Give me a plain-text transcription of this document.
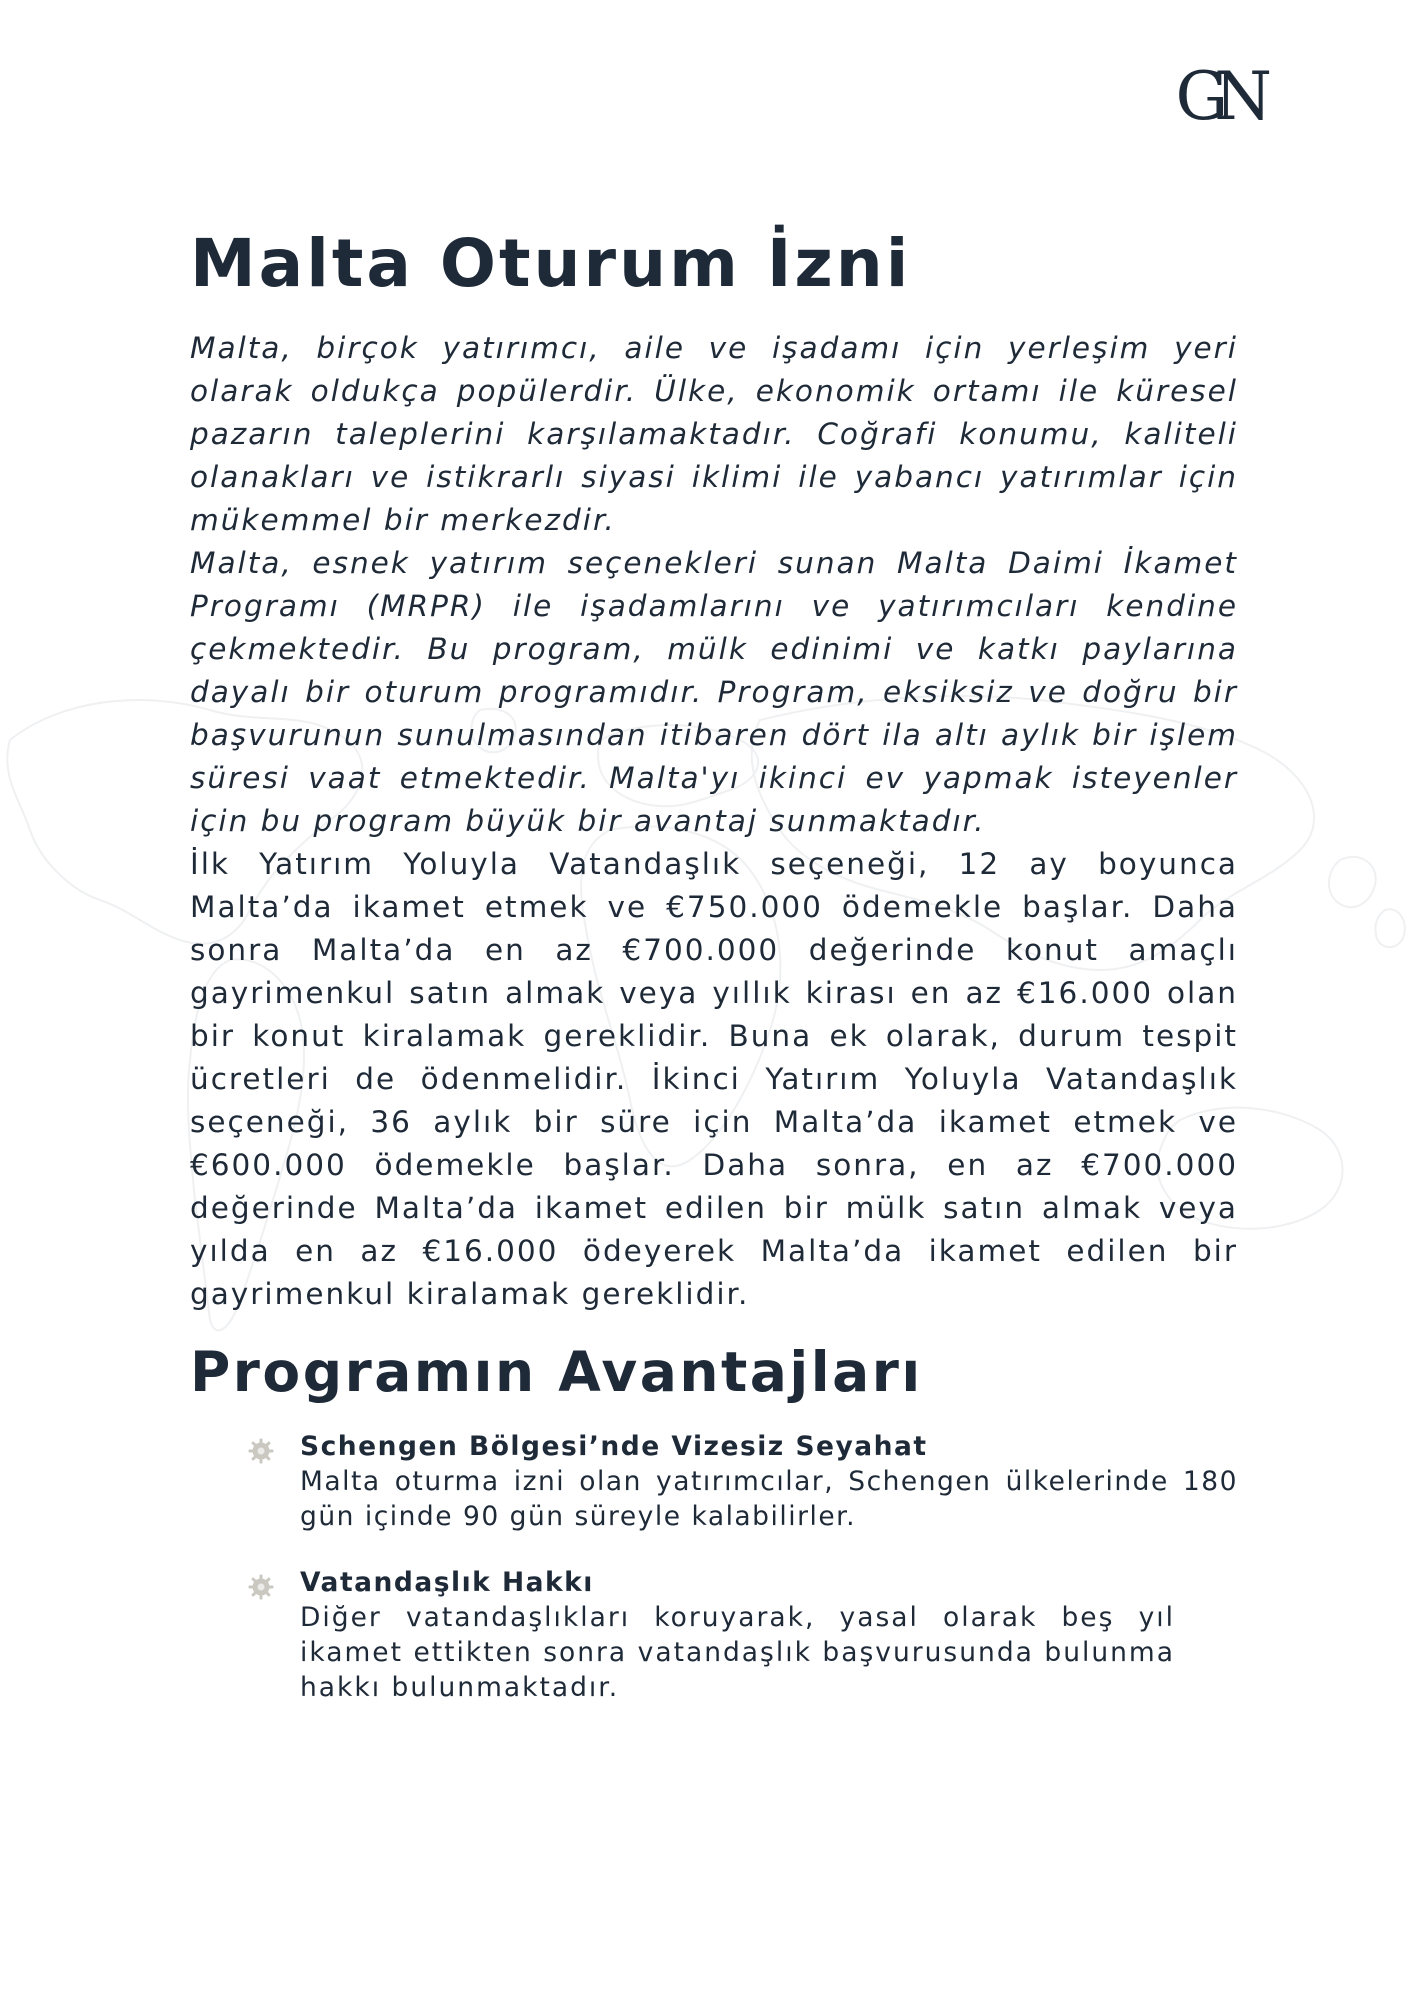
GN
Malta Oturum İzni

Malta, birçok yatırımcı, aile ve işadamı için yerleşim yeri olarak oldukça popülerdir. Ülke, ekonomik ortamı ile küresel pazarın taleplerini karşılamaktadır. Coğrafi konumu, kaliteli olanakları ve istikrarlı siyasi iklimi ile yabancı yatırımlar için mükemmel bir merkezdir.

Malta, esnek yatırım seçenekleri sunan Malta Daimi İkamet Programı (MRPR) ile işadamlarını ve yatırımcıları kendine çekmektedir. Bu program, mülk edinimi ve katkı paylarına dayalı bir oturum programıdır. Program, eksiksiz ve doğru bir başvurunun sunulmasından itibaren dört ila altı aylık bir işlem süresi vaat etmektedir. Malta'yı ikinci ev yapmak isteyenler için bu program büyük bir avantaj sunmaktadır.

İlk Yatırım Yoluyla Vatandaşlık seçeneği, 12 ay boyunca Malta’da ikamet etmek ve €750.000 ödemekle başlar. Daha sonra Malta’da en az €700.000 değerinde konut amaçlı gayrimenkul satın almak veya yıllık kirası en az €16.000 olan bir konut kiralamak gereklidir. Buna ek olarak, durum tespit ücretleri de ödenmelidir. İkinci Yatırım Yoluyla Vatandaşlık seçeneği, 36 aylık bir süre için Malta’da ikamet etmek ve €600.000 ödemekle başlar. Daha sonra, en az €700.000 değerinde Malta’da ikamet edilen bir mülk satın almak veya yılda en az €16.000 ödeyerek Malta’da ikamet edilen bir gayrimenkul kiralamak gereklidir.

Programın Avantajları

Schengen Bölgesi’nde Vizesiz Seyahat

Malta oturma izni olan yatırımcılar, Schengen ülkelerinde 180 gün içinde 90 gün süreyle kalabilirler.

Vatandaşlık Hakkı

Diğer vatandaşlıkları koruyarak, yasal olarak beş yıl ikamet ettikten sonra vatandaşlık başvurusunda bulunma hakkı bulunmaktadır.
